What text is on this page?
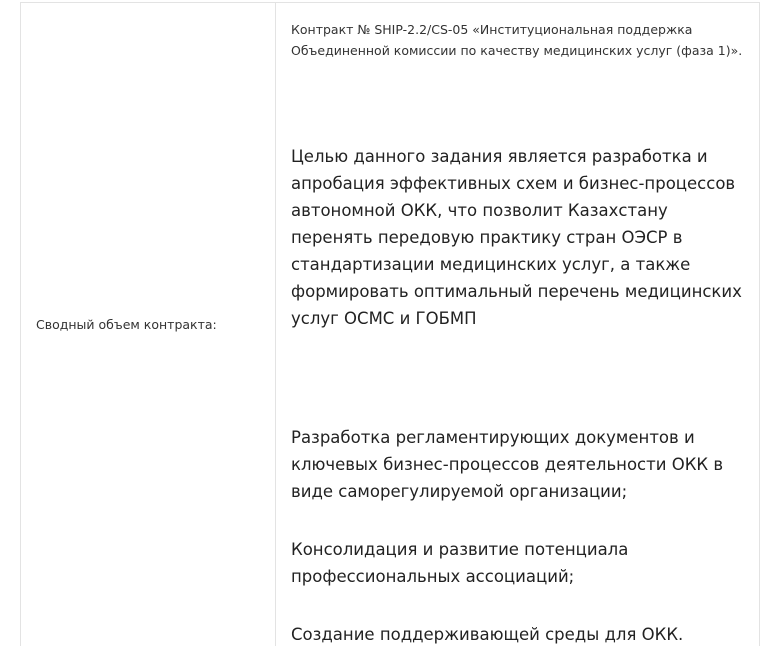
Сводный объем контракта:

Контракт № SHIP-2.2/CS-05 «Институциональная поддержка Объединенной комиссии по качеству медицинских услуг (фаза 1)».

Целью данного задания является разработка и апробация эффективных схем и бизнес-процессов автономной ОКК, что позволит Казахстану перенять передовую практику стран ОЭСР в стандартизации медицинских услуг, а также формировать оптимальный перечень медицинских услуг ОСМС и ГОБМП

Разработка регламентирующих документов и ключевых бизнес-процессов деятельности ОКК в виде саморегулируемой организации;
Консолидация и развитие потенциала профессиональных ассоциаций;
Создание поддерживающей среды для ОКК.
